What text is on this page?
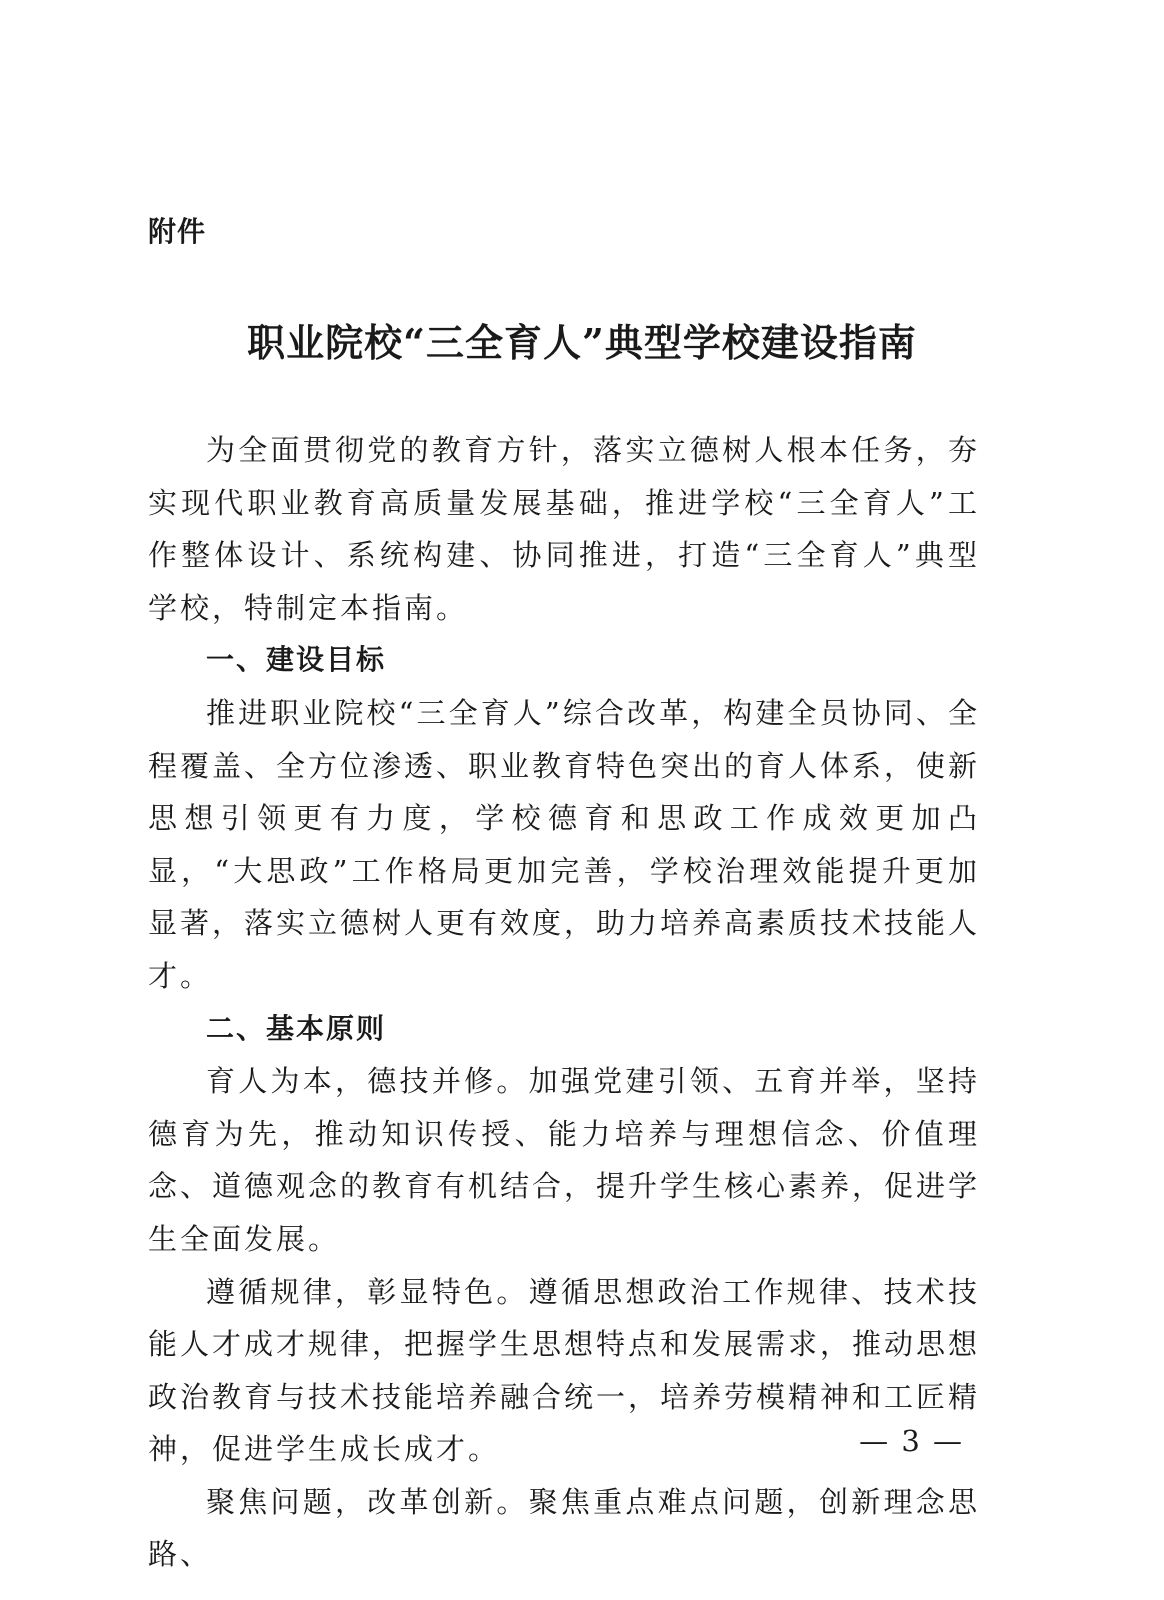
附件
职业院校“三全育人”典型学校建设指南

为全面贯彻党的教育方针，落实立德树人根本任务，夯实现代职业教育高质量发展基础，推进学校“三全育人”工作整体设计、系统构建、协同推进，打造“三全育人”典型学校，特制定本指南。

一、建设目标

推进职业院校“三全育人”综合改革，构建全员协同、全程覆盖、全方位渗透、职业教育特色突出的育人体系，使新思想引领更有力度，学校德育和思政工作成效更加凸显，“大思政”工作格局更加完善，学校治理效能提升更加显著，落实立德树人更有效度，助力培养高素质技术技能人才。

二、基本原则

育人为本，德技并修。加强党建引领、五育并举，坚持德育为先，推动知识传授、能力培养与理想信念、价值理念、道德观念的教育有机结合，提升学生核心素养，促进学生全面发展。

遵循规律，彰显特色。遵循思想政治工作规律、技术技能人才成才规律，把握学生思想特点和发展需求，推动思想政治教育与技术技能培养融合统一，培养劳模精神和工匠精神，促进学生成长成才。

聚焦问题，改革创新。聚焦重点难点问题，创新理念思路、

— 3 —
